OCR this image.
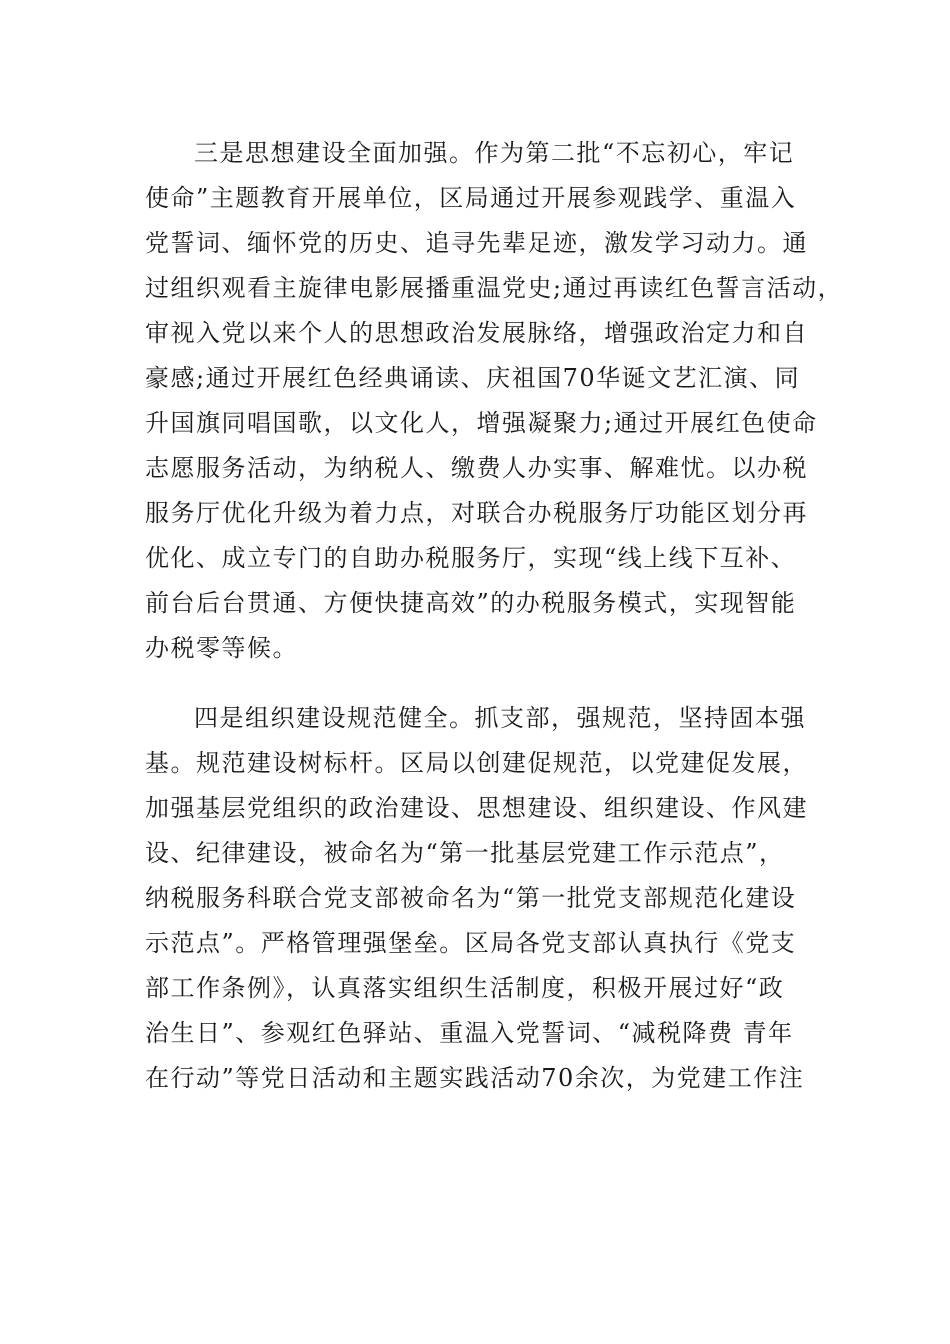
三是思想建设全面加强。作为第二批“不忘初心，牢记
使命”主题教育开展单位，区局通过开展参观践学、重温入
党誓词、缅怀党的历史、追寻先辈足迹，激发学习动力。通
过组织观看主旋律电影展播重温党史;通过再读红色誓言活动，
审视入党以来个人的思想政治发展脉络，增强政治定力和自
豪感;通过开展红色经典诵读、庆祖国70华诞文艺汇演、同
升国旗同唱国歌，以文化人，增强凝聚力;通过开展红色使命
志愿服务活动，为纳税人、缴费人办实事、解难忧。以办税
服务厅优化升级为着力点，对联合办税服务厅功能区划分再
优化、成立专门的自助办税服务厅，实现“线上线下互补、
前台后台贯通、方便快捷高效”的办税服务模式，实现智能
办税零等候。
四是组织建设规范健全。抓支部，强规范，坚持固本强
基。规范建设树标杆。区局以创建促规范，以党建促发展，
加强基层党组织的政治建设、思想建设、组织建设、作风建
设、纪律建设，被命名为“第一批基层党建工作示范点”，
纳税服务科联合党支部被命名为“第一批党支部规范化建设
示范点”。严格管理强堡垒。区局各党支部认真执行《党支
部工作条例》，认真落实组织生活制度，积极开展过好“政
治生日”、参观红色驿站、重温入党誓词、“减税降费 青年
在行动”等党日活动和主题实践活动70余次，为党建工作注
